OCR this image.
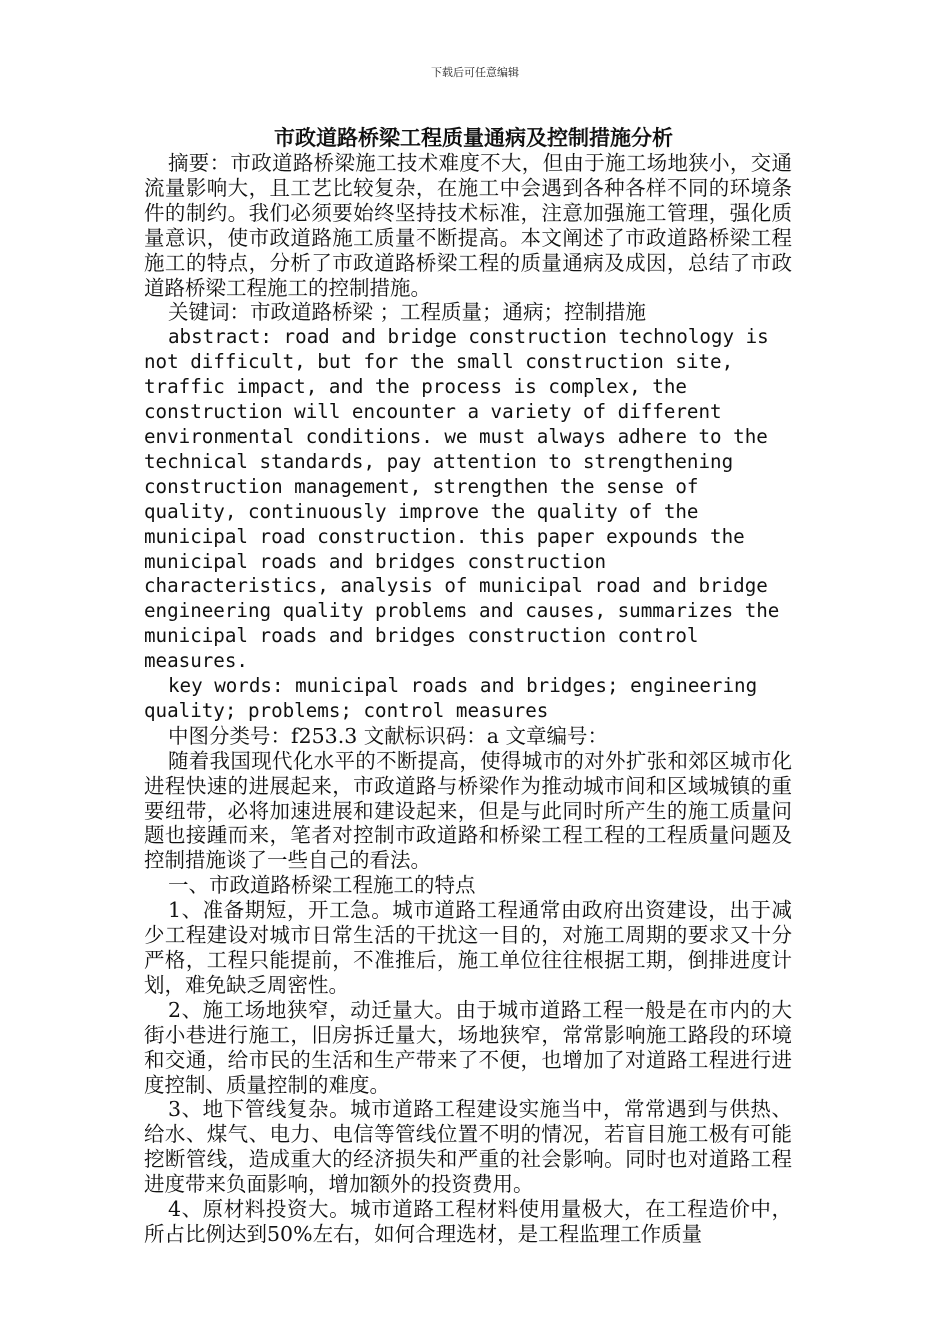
下载后可任意编辑
市政道路桥梁工程质量通病及控制措施分析

摘要：市政道路桥梁施工技术难度不大，但由于施工场地狭小，交通流量影响大，且工艺比较复杂，在施工中会遇到各种各样不同的环境条件的制约。我们必须要始终坚持技术标准，注意加强施工管理，强化质量意识，使市政道路施工质量不断提高。本文阐述了市政道路桥梁工程施工的特点，分析了市政道路桥梁工程的质量通病及成因，总结了市政道路桥梁工程施工的控制措施。

关键词：市政道路桥梁 ；工程质量；通病；控制措施

abstract: road and bridge construction technology is not difficult, but for the small construction site, traffic impact, and the process is complex, the construction will encounter a variety of different environmental conditions. we must always adhere to the technical standards, pay attention to strengthening construction management, strengthen the sense of quality, continuously improve the quality of the municipal road construction. this paper expounds the municipal roads and bridges construction characteristics, analysis of municipal road and bridge engineering quality problems and causes, summarizes the municipal roads and bridges construction control measures.

key words: municipal roads and bridges; engineering quality; problems; control measures

中图分类号：f253.3 文献标识码：a 文章编号：

随着我国现代化水平的不断提高，使得城市的对外扩张和郊区城市化进程快速的进展起来，市政道路与桥梁作为推动城市间和区域城镇的重要纽带，必将加速进展和建设起来，但是与此同时所产生的施工质量问题也接踵而来，笔者对控制市政道路和桥梁工程工程的工程质量问题及控制措施谈了一些自己的看法。

一、市政道路桥梁工程施工的特点

1、准备期短，开工急。城市道路工程通常由政府出资建设，出于减少工程建设对城市日常生活的干扰这一目的，对施工周期的要求又十分严格，工程只能提前，不准推后，施工单位往往根据工期，倒排进度计划，难免缺乏周密性。

2、施工场地狭窄，动迁量大。由于城市道路工程一般是在市内的大街小巷进行施工，旧房拆迁量大，场地狭窄，常常影响施工路段的环境和交通，给市民的生活和生产带来了不便，也增加了对道路工程进行进度控制、质量控制的难度。

3、地下管线复杂。城市道路工程建设实施当中，常常遇到与供热、给水、煤气、电力、电信等管线位置不明的情况，若盲目施工极有可能挖断管线，造成重大的经济损失和严重的社会影响。同时也对道路工程进度带来负面影响，增加额外的投资费用。

4、原材料投资大。城市道路工程材料使用量极大，在工程造价中，所占比例达到50%左右，如何合理选材，是工程监理工作质量
